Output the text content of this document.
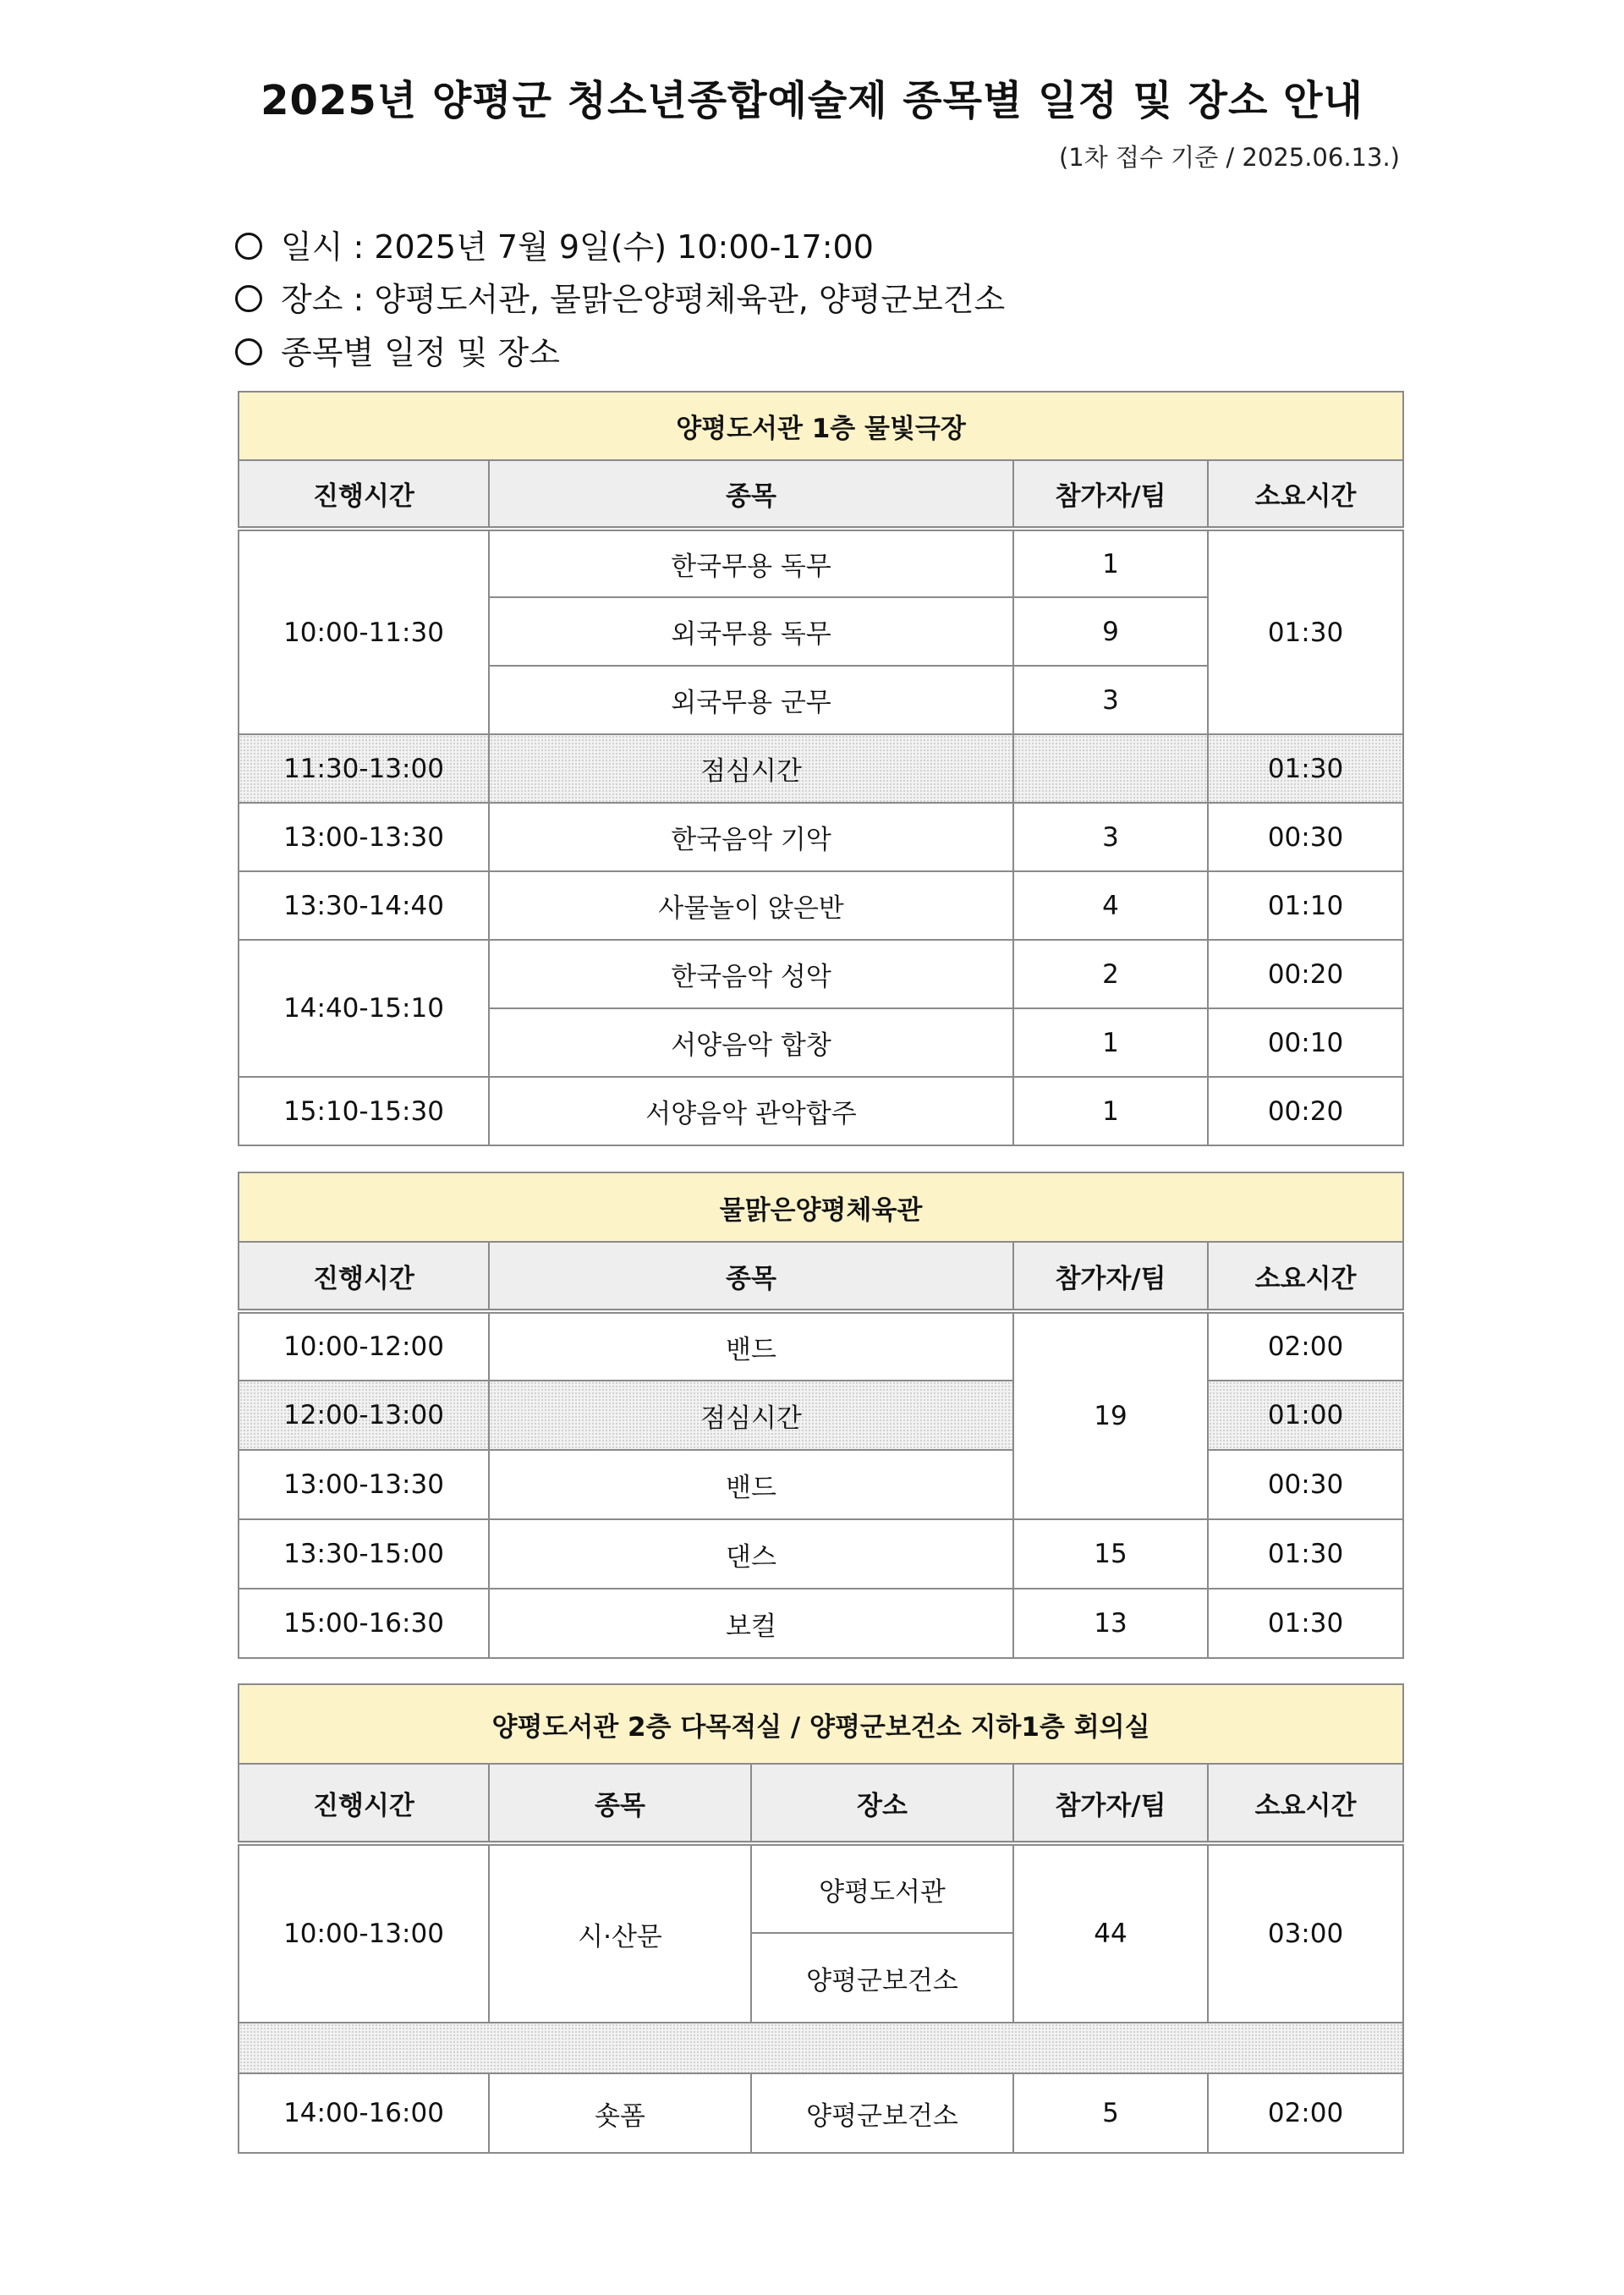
2025년 양평군 청소년종합예술제 종목별 일정 및 장소 안내
(1차 접수 기준 / 2025.06.13.)
일시 : 2025년 7월 9일(수) 10:00-17:00
장소 : 양평도서관, 물맑은양평체육관, 양평군보건소
종목별 일정 및 장소
양평도서관 1층 물빛극장			
진행시간	종목	참가자/팀	소요시간
10:00-11:30	한국무용 독무	1	01:30
	외국무용 독무	9	
	외국무용 군무	3	
11:30-13:00	점심시간		01:30
13:00-13:30	한국음악 기악	3	00:30
13:30-14:40	사물놀이 앉은반	4	01:10
14:40-15:10	한국음악 성악	2	00:20
	서양음악 합창	1	00:10
15:10-15:30	서양음악 관악합주	1	00:20
물맑은양평체육관			
진행시간	종목	참가자/팀	소요시간
10:00-12:00	밴드	19	02:00
12:00-13:00	점심시간		01:00
13:00-13:30	밴드		00:30
13:30-15:00	댄스	15	01:30
15:00-16:30	보컬	13	01:30
양평도서관 2층 다목적실 / 양평군보건소 지하1층 회의실				
진행시간	종목	장소	참가자/팀	소요시간
10:00-13:00	시·산문	양평도서관	44	03:00
		양평군보건소		

14:00-16:00	숏폼	양평군보건소	5	02:00
